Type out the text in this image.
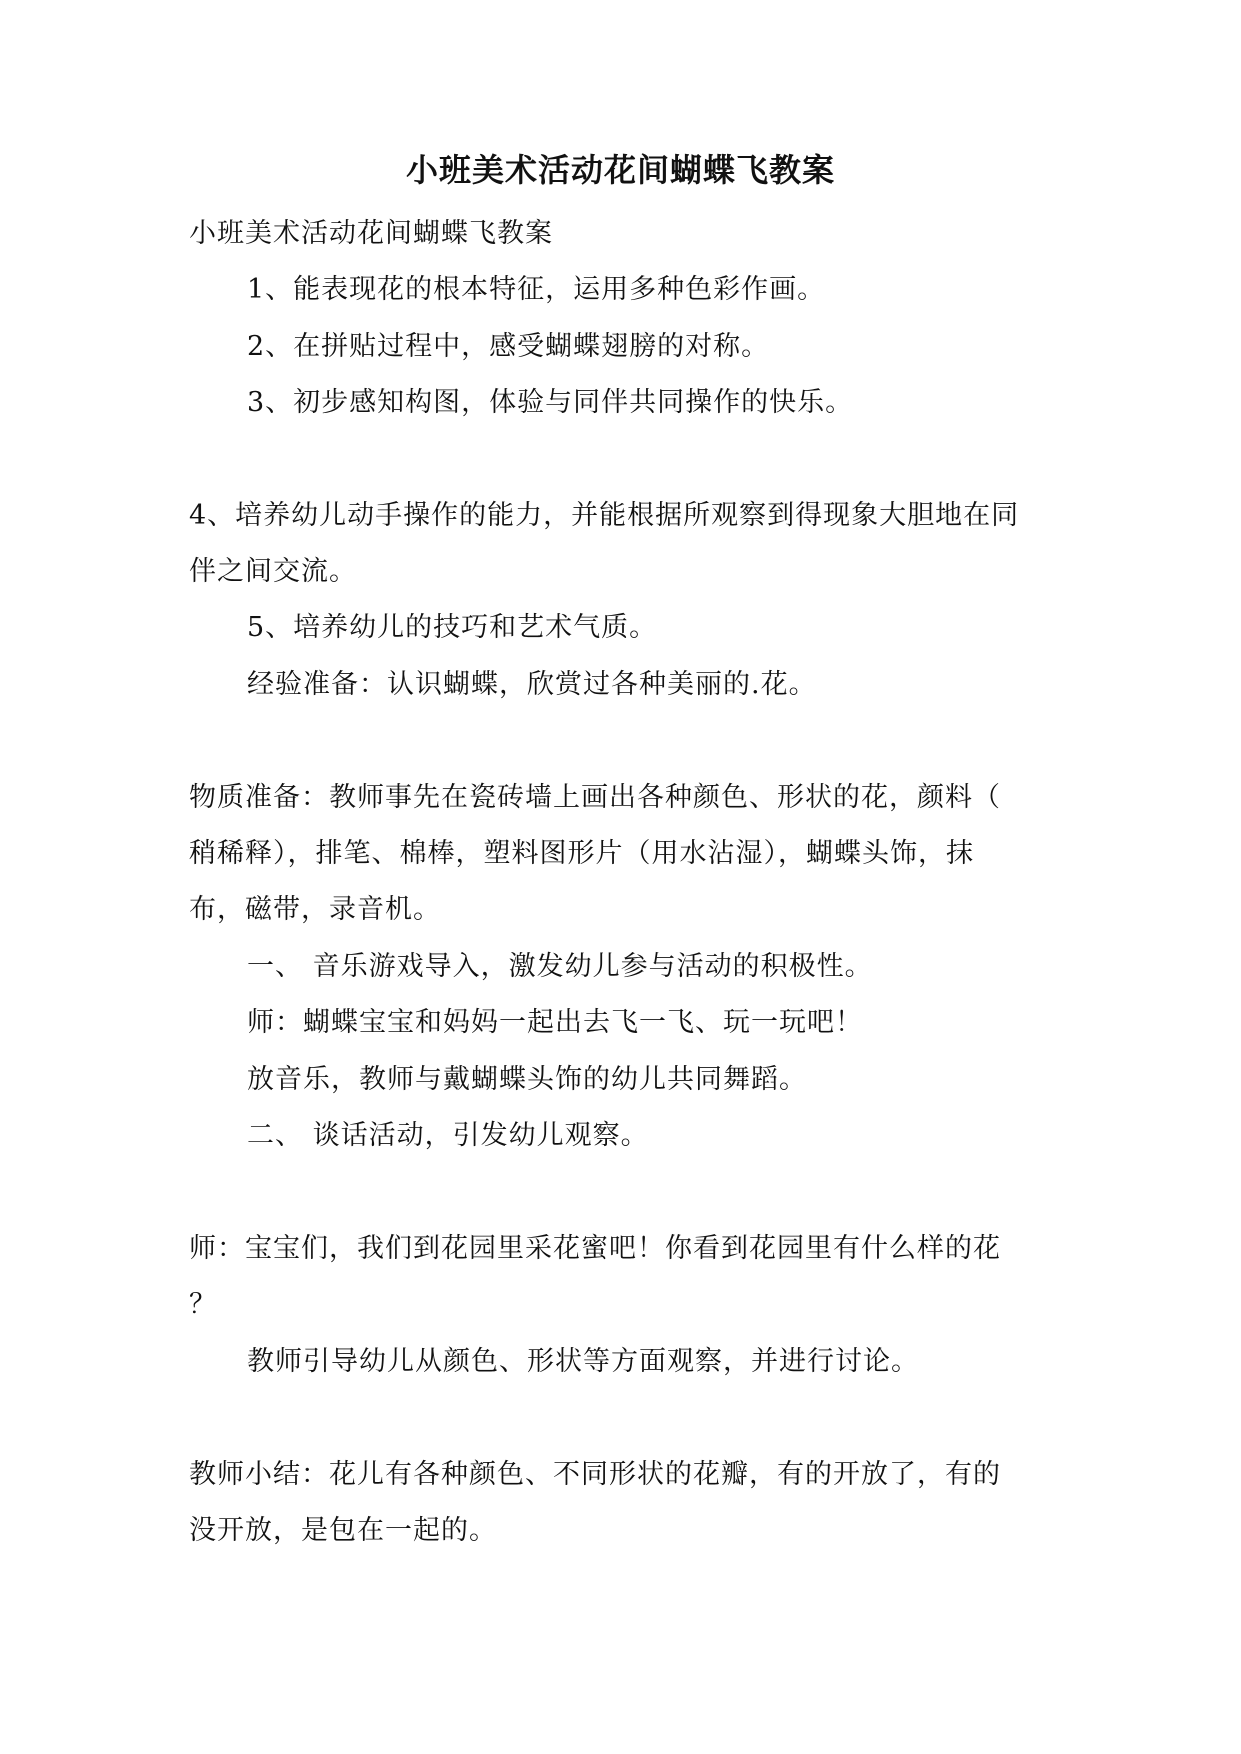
小班美术活动花间蝴蝶飞教案
小班美术活动花间蝴蝶飞教案
1、能表现花的根本特征，运用多种色彩作画。
2、在拼贴过程中，感受蝴蝶翅膀的对称。
3、初步感知构图，体验与同伴共同操作的快乐。
4、培养幼儿动手操作的能力，并能根据所观察到得现象大胆地在同
伴之间交流。
5、培养幼儿的技巧和艺术气质。
经验准备：认识蝴蝶，欣赏过各种美丽的.花。
物质准备：教师事先在瓷砖墙上画出各种颜色、形状的花，颜料（
稍稀释），排笔、棉棒，塑料图形片（用水沾湿），蝴蝶头饰，抹
布，磁带，录音机。
一、 音乐游戏导入，激发幼儿参与活动的积极性。
师：蝴蝶宝宝和妈妈一起出去飞一飞、玩一玩吧！
放音乐，教师与戴蝴蝶头饰的幼儿共同舞蹈。
二、 谈话活动，引发幼儿观察。
师：宝宝们，我们到花园里采花蜜吧！你看到花园里有什么样的花
？
教师引导幼儿从颜色、形状等方面观察，并进行讨论。
教师小结：花儿有各种颜色、不同形状的花瓣，有的开放了，有的
没开放，是包在一起的。
